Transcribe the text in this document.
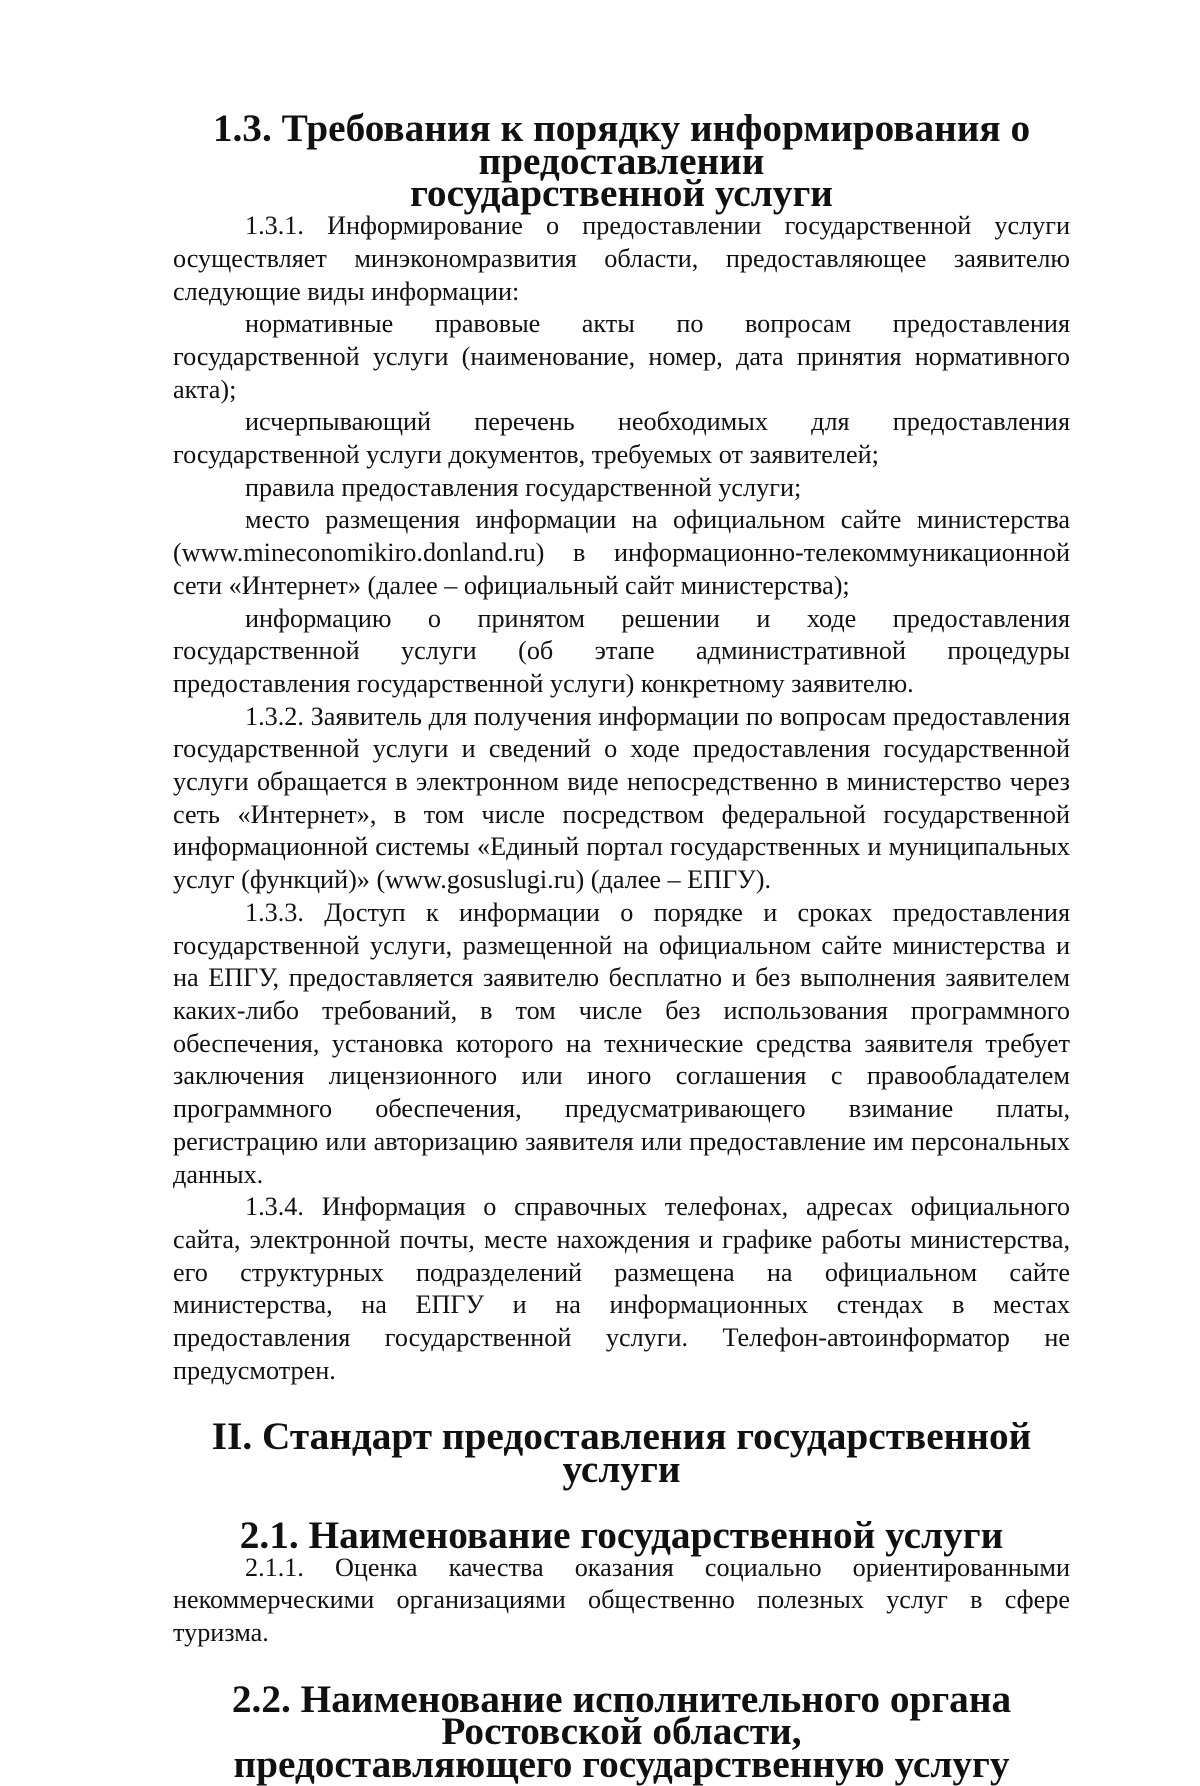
1.3. Требования к порядку информирования о предоставлении
государственной услуги

1.3.1. Информирование о предоставлении государственной услуги осуществляет минэкономразвития области, предоставляющее заявителю следующие виды информации:

нормативные правовые акты по вопросам предоставления государственной услуги (наименование, номер, дата принятия нормативного акта);

исчерпывающий перечень необходимых для предоставления государственной услуги документов, требуемых от заявителей;

правила предоставления государственной услуги;

место размещения информации на официальном сайте министерства (www.mineconomikiro.donland.ru) в информационно-телекоммуникационной сети «Интернет» (далее – официальный сайт министерства);

информацию о принятом решении и ходе предоставления государственной услуги (об этапе административной процедуры предоставления государственной услуги) конкретному заявителю.

1.3.2. Заявитель для получения информации по вопросам предоставления государственной услуги и сведений о ходе предоставления государственной услуги обращается в электронном виде непосредственно в министерство через сеть «Интернет», в том числе посредством федеральной государственной информационной системы «Единый портал государственных и муниципальных услуг (функций)» (www.gosuslugi.ru) (далее – ЕПГУ).

1.3.3. Доступ к информации о порядке и сроках предоставления государственной услуги, размещенной на официальном сайте министерства и на ЕПГУ, предоставляется заявителю бесплатно и без выполнения заявителем каких-либо требований, в том числе без использования программного обеспечения, установка которого на технические средства заявителя требует заключения лицензионного или иного соглашения с правообладателем программного обеспечения, предусматривающего взимание платы, регистрацию или авторизацию заявителя или предоставление им персональных данных.

1.3.4. Информация о справочных телефонах, адресах официального сайта, электронной почты, месте нахождения и графике работы министерства, его структурных подразделений размещена на официальном сайте министерства, на ЕПГУ и на информационных стендах в местах предоставления государственной услуги. Телефон-автоинформатор не предусмотрен.

II. Стандарт предоставления государственной услуги
2.1. Наименование государственной услуги

2.1.1. Оценка качества оказания социально ориентированными некоммерческими организациями общественно полезных услуг в сфере туризма.

2.2. Наименование исполнительного органа Ростовской области,
предоставляющего государственную услугу
